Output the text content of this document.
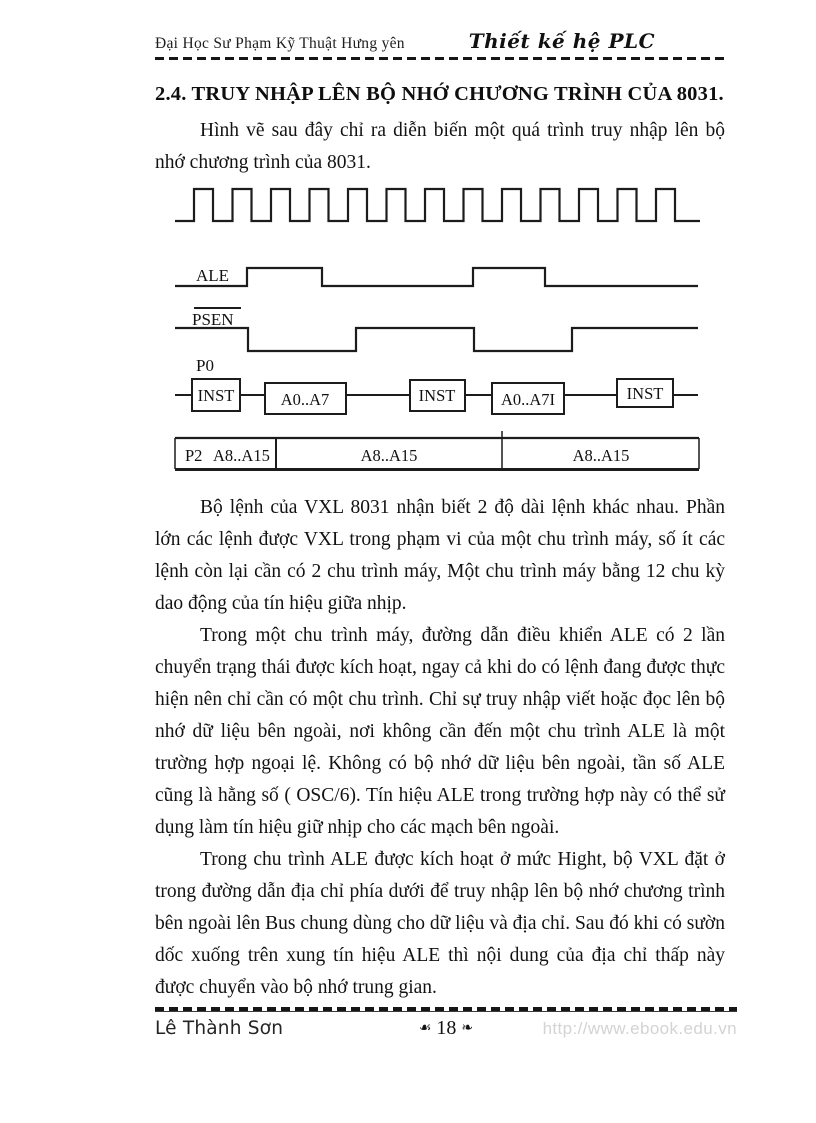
Đại Học Sư Phạm Kỹ Thuật Hưng yên	Thiết kế hệ PLC
2.4. TRUY NHẬP LÊN BỘ NHỚ CHƯƠNG TRÌNH CỦA 8031.

Hình vẽ sau đây chỉ ra diễn biến một quá trình truy nhập lên bộ nhớ chương trình của 8031.

ALE
PSEN
P0
INST	A0..A7	INST	A0..A7I	INST
P2 A8..A15	A8..A15	A8..A15

Bộ lệnh của VXL 8031 nhận biết 2 độ dài lệnh khác nhau. Phần lớn các lệnh được VXL trong phạm vi của một chu trình máy, số ít các lệnh còn lại cần có 2 chu trình máy, Một chu trình máy bằng 12 chu kỳ dao động của tín hiệu giữa nhịp.

Trong một chu trình máy, đường dẫn điều khiển ALE có 2 lần chuyển trạng thái được kích hoạt, ngay cả khi do có lệnh đang được thực hiện nên chỉ cần có một chu trình. Chỉ sự truy nhập viết hoặc đọc lên bộ nhớ dữ liệu bên ngoài, nơi không cần đến một chu trình ALE là một trường hợp ngoại lệ. Không có bộ nhớ dữ liệu bên ngoài, tần số ALE cũng là hằng số ( OSC/6). Tín hiệu ALE trong trường hợp này có thể sử dụng làm tín hiệu giữ nhịp cho các mạch bên ngoài.

Trong chu trình ALE được kích hoạt ở mức Hight, bộ VXL đặt ở trong đường dẫn địa chỉ phía dưới để truy nhập lên bộ nhớ chương trình bên ngoài lên Bus chung dùng cho dữ liệu và địa chỉ. Sau đó khi có sườn dốc xuống trên xung tín hiệu ALE thì nội dung của địa chỉ thấp này được chuyển vào bộ nhớ trung gian.

Lê Thành Sơn	☙ 18 ❧	http://www.ebook.edu.vn
